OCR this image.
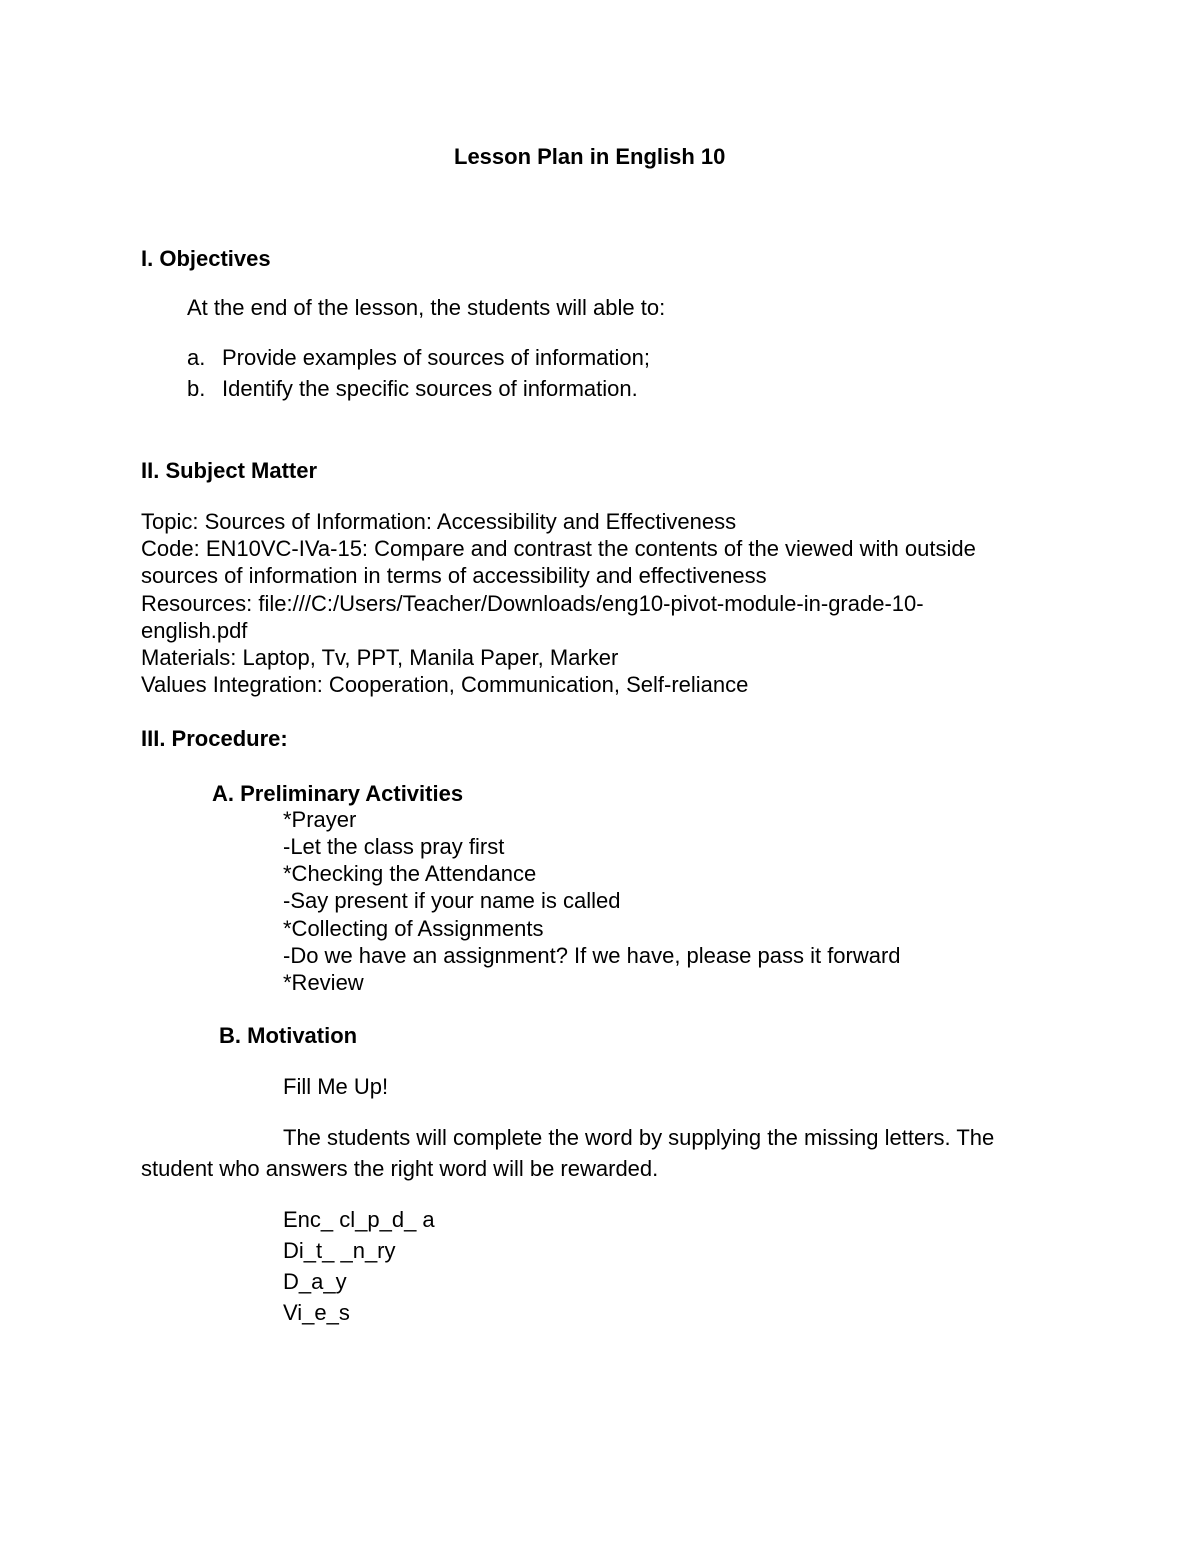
Lesson Plan in English 10
I. Objectives
At the end of the lesson, the students will able to:
a. Provide examples of sources of information;
b. Identify the specific sources of information.
II. Subject Matter
Topic: Sources of Information: Accessibility and Effectiveness
Code: EN10VC-IVa-15: Compare and contrast the contents of the viewed with outside
sources of information in terms of accessibility and effectiveness
Resources: file:///C:/Users/Teacher/Downloads/eng10-pivot-module-in-grade-10-
english.pdf
Materials: Laptop, Tv, PPT, Manila Paper, Marker
Values Integration: Cooperation, Communication, Self-reliance
III. Procedure:
A. Preliminary Activities
*Prayer
-Let the class pray first
*Checking the Attendance
-Say present if your name is called
*Collecting of Assignments
-Do we have an assignment? If we have, please pass it forward
*Review
B. Motivation
Fill Me Up!
The students will complete the word by supplying the missing letters. The
student who answers the right word will be rewarded.
Enc_ cl_p_d_ a
Di_t_ _n_ry
D_a_y
Vi_e_s
